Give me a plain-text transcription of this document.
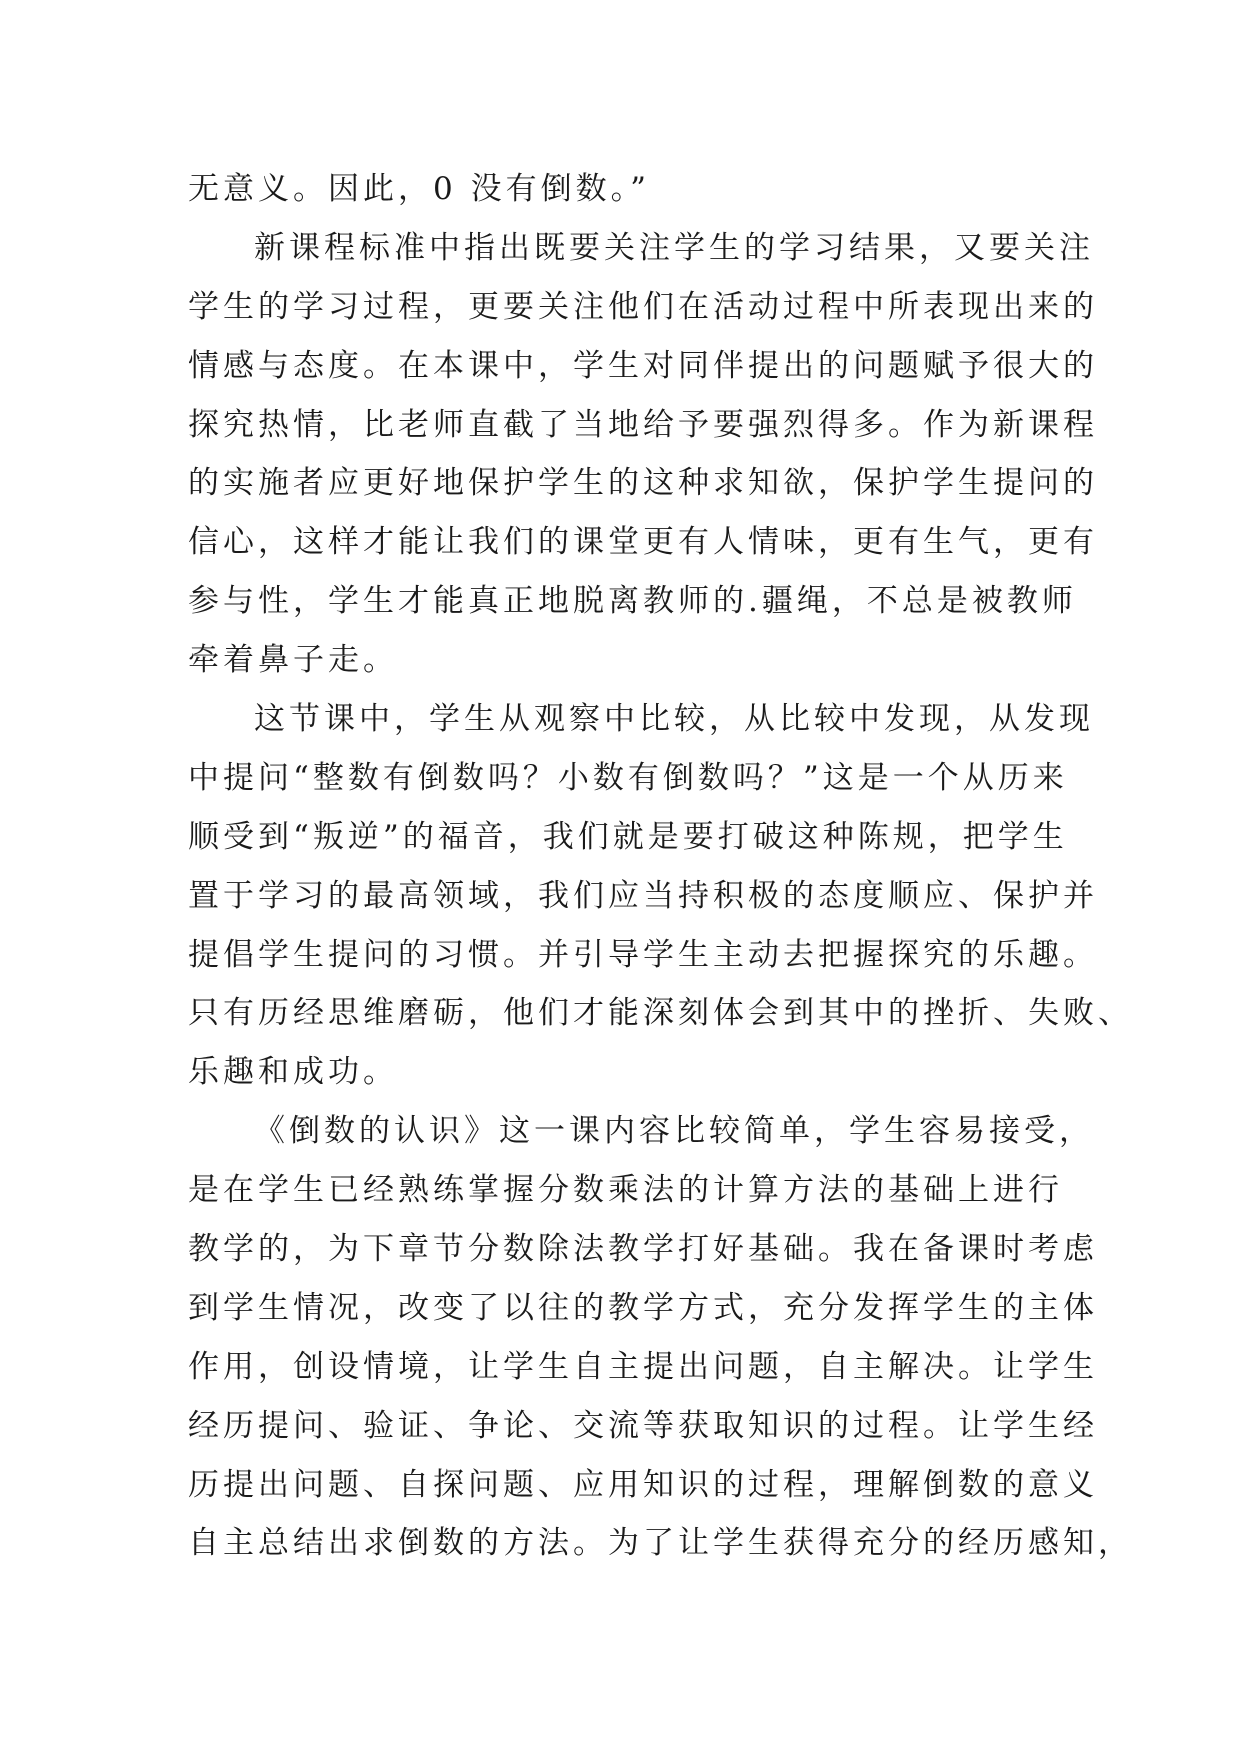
无意义。因此，0 没有倒数。”
新课程标准中指出既要关注学生的学习结果，又要关注
学生的学习过程，更要关注他们在活动过程中所表现出来的
情感与态度。在本课中，学生对同伴提出的问题赋予很大的
探究热情，比老师直截了当地给予要强烈得多。作为新课程
的实施者应更好地保护学生的这种求知欲，保护学生提问的
信心，这样才能让我们的课堂更有人情味，更有生气，更有
参与性，学生才能真正地脱离教师的.疆绳，不总是被教师
牵着鼻子走。
这节课中，学生从观察中比较，从比较中发现，从发现
中提问“整数有倒数吗？小数有倒数吗？”这是一个从历来
顺受到“叛逆”的福音，我们就是要打破这种陈规，把学生
置于学习的最高领域，我们应当持积极的态度顺应、保护并
提倡学生提问的习惯。并引导学生主动去把握探究的乐趣。
只有历经思维磨砺，他们才能深刻体会到其中的挫折、失败、
乐趣和成功。
《倒数的认识》这一课内容比较简单，学生容易接受，
是在学生已经熟练掌握分数乘法的计算方法的基础上进行
教学的，为下章节分数除法教学打好基础。我在备课时考虑
到学生情况，改变了以往的教学方式，充分发挥学生的主体
作用，创设情境，让学生自主提出问题，自主解决。让学生
经历提问、验证、争论、交流等获取知识的过程。让学生经
历提出问题、自探问题、应用知识的过程，理解倒数的意义
自主总结出求倒数的方法。为了让学生获得充分的经历感知，
